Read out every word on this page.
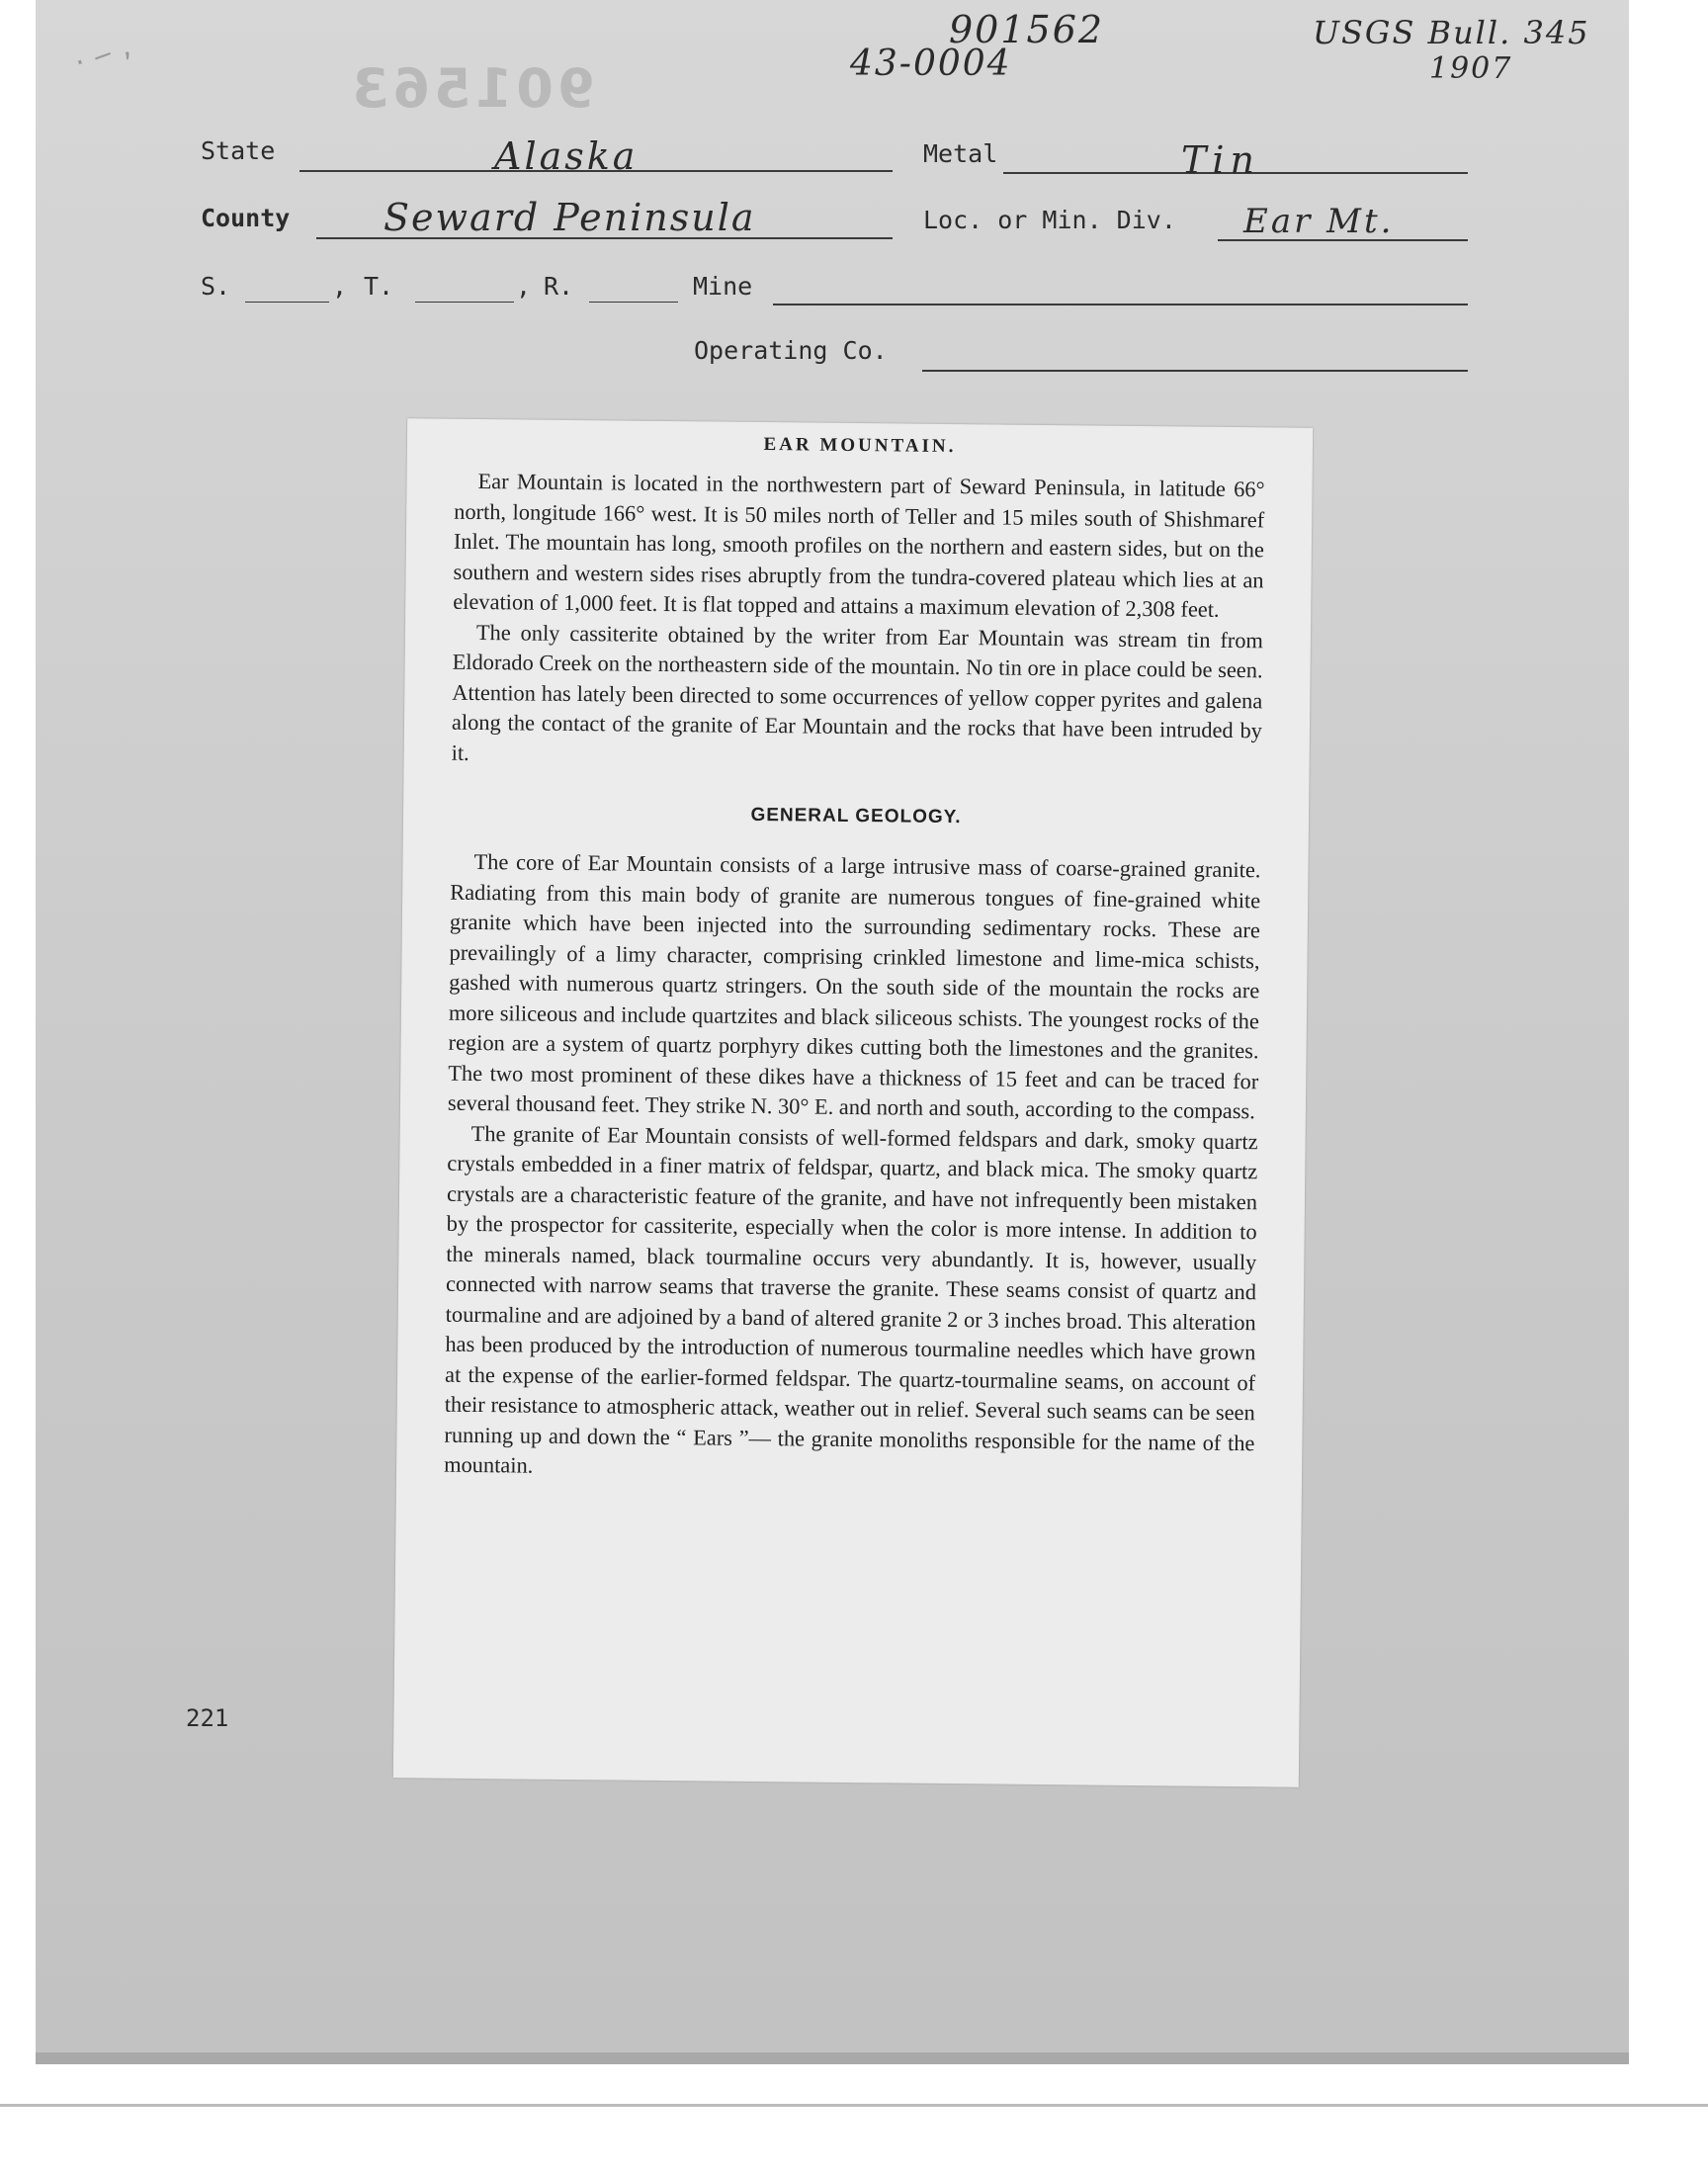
· ‒ ,
901563
901562
43-0004
USGS Bull. 345
1907
State	Alaska	Metal	Tin
County Seward Peninsula	Loc. or Min. Div. Ear Mt.
S.	, T.	, R.	Mine
Operating Co.
EAR MOUNTAIN.

Ear Mountain is located in the northwestern part of Seward Peninsula, in latitude 66° north, longitude 166° west. It is 50 miles north of Teller and 15 miles south of Shishmaref Inlet. The mountain has long, smooth profiles on the northern and eastern sides, but on the southern and western sides rises abruptly from the tundra-covered plateau which lies at an elevation of 1,000 feet. It is flat topped and attains a maximum elevation of 2,308 feet.

The only cassiterite obtained by the writer from Ear Mountain was stream tin from Eldorado Creek on the northeastern side of the mountain. No tin ore in place could be seen. Attention has lately been directed to some occurrences of yellow copper pyrites and galena along the contact of the granite of Ear Mountain and the rocks that have been intruded by it.

GENERAL GEOLOGY.

The core of Ear Mountain consists of a large intrusive mass of coarse-grained granite. Radiating from this main body of granite are numerous tongues of fine-grained white granite which have been injected into the surrounding sedimentary rocks. These are prevailingly of a limy character, comprising crinkled limestone and lime-mica schists, gashed with numerous quartz stringers. On the south side of the mountain the rocks are more siliceous and include quartzites and black siliceous schists. The youngest rocks of the region are a system of quartz porphyry dikes cutting both the limestones and the granites. The two most prominent of these dikes have a thickness of 15 feet and can be traced for several thousand feet. They strike N. 30° E. and north and south, according to the compass.

The granite of Ear Mountain consists of well-formed feldspars and dark, smoky quartz crystals embedded in a finer matrix of feldspar, quartz, and black mica. The smoky quartz crystals are a characteristic feature of the granite, and have not infrequently been mistaken by the prospector for cassiterite, especially when the color is more intense. In addition to the minerals named, black tourmaline occurs very abundantly. It is, however, usually connected with narrow seams that traverse the granite. These seams consist of quartz and tourmaline and are adjoined by a band of altered granite 2 or 3 inches broad. This alteration has been produced by the introduction of numerous tourmaline needles which have grown at the expense of the earlier-formed feldspar. The quartz-tourmaline seams, on account of their resistance to atmospheric attack, weather out in relief. Several such seams can be seen running up and down the “ Ears ”— the granite monoliths responsible for the name of the mountain.

221
